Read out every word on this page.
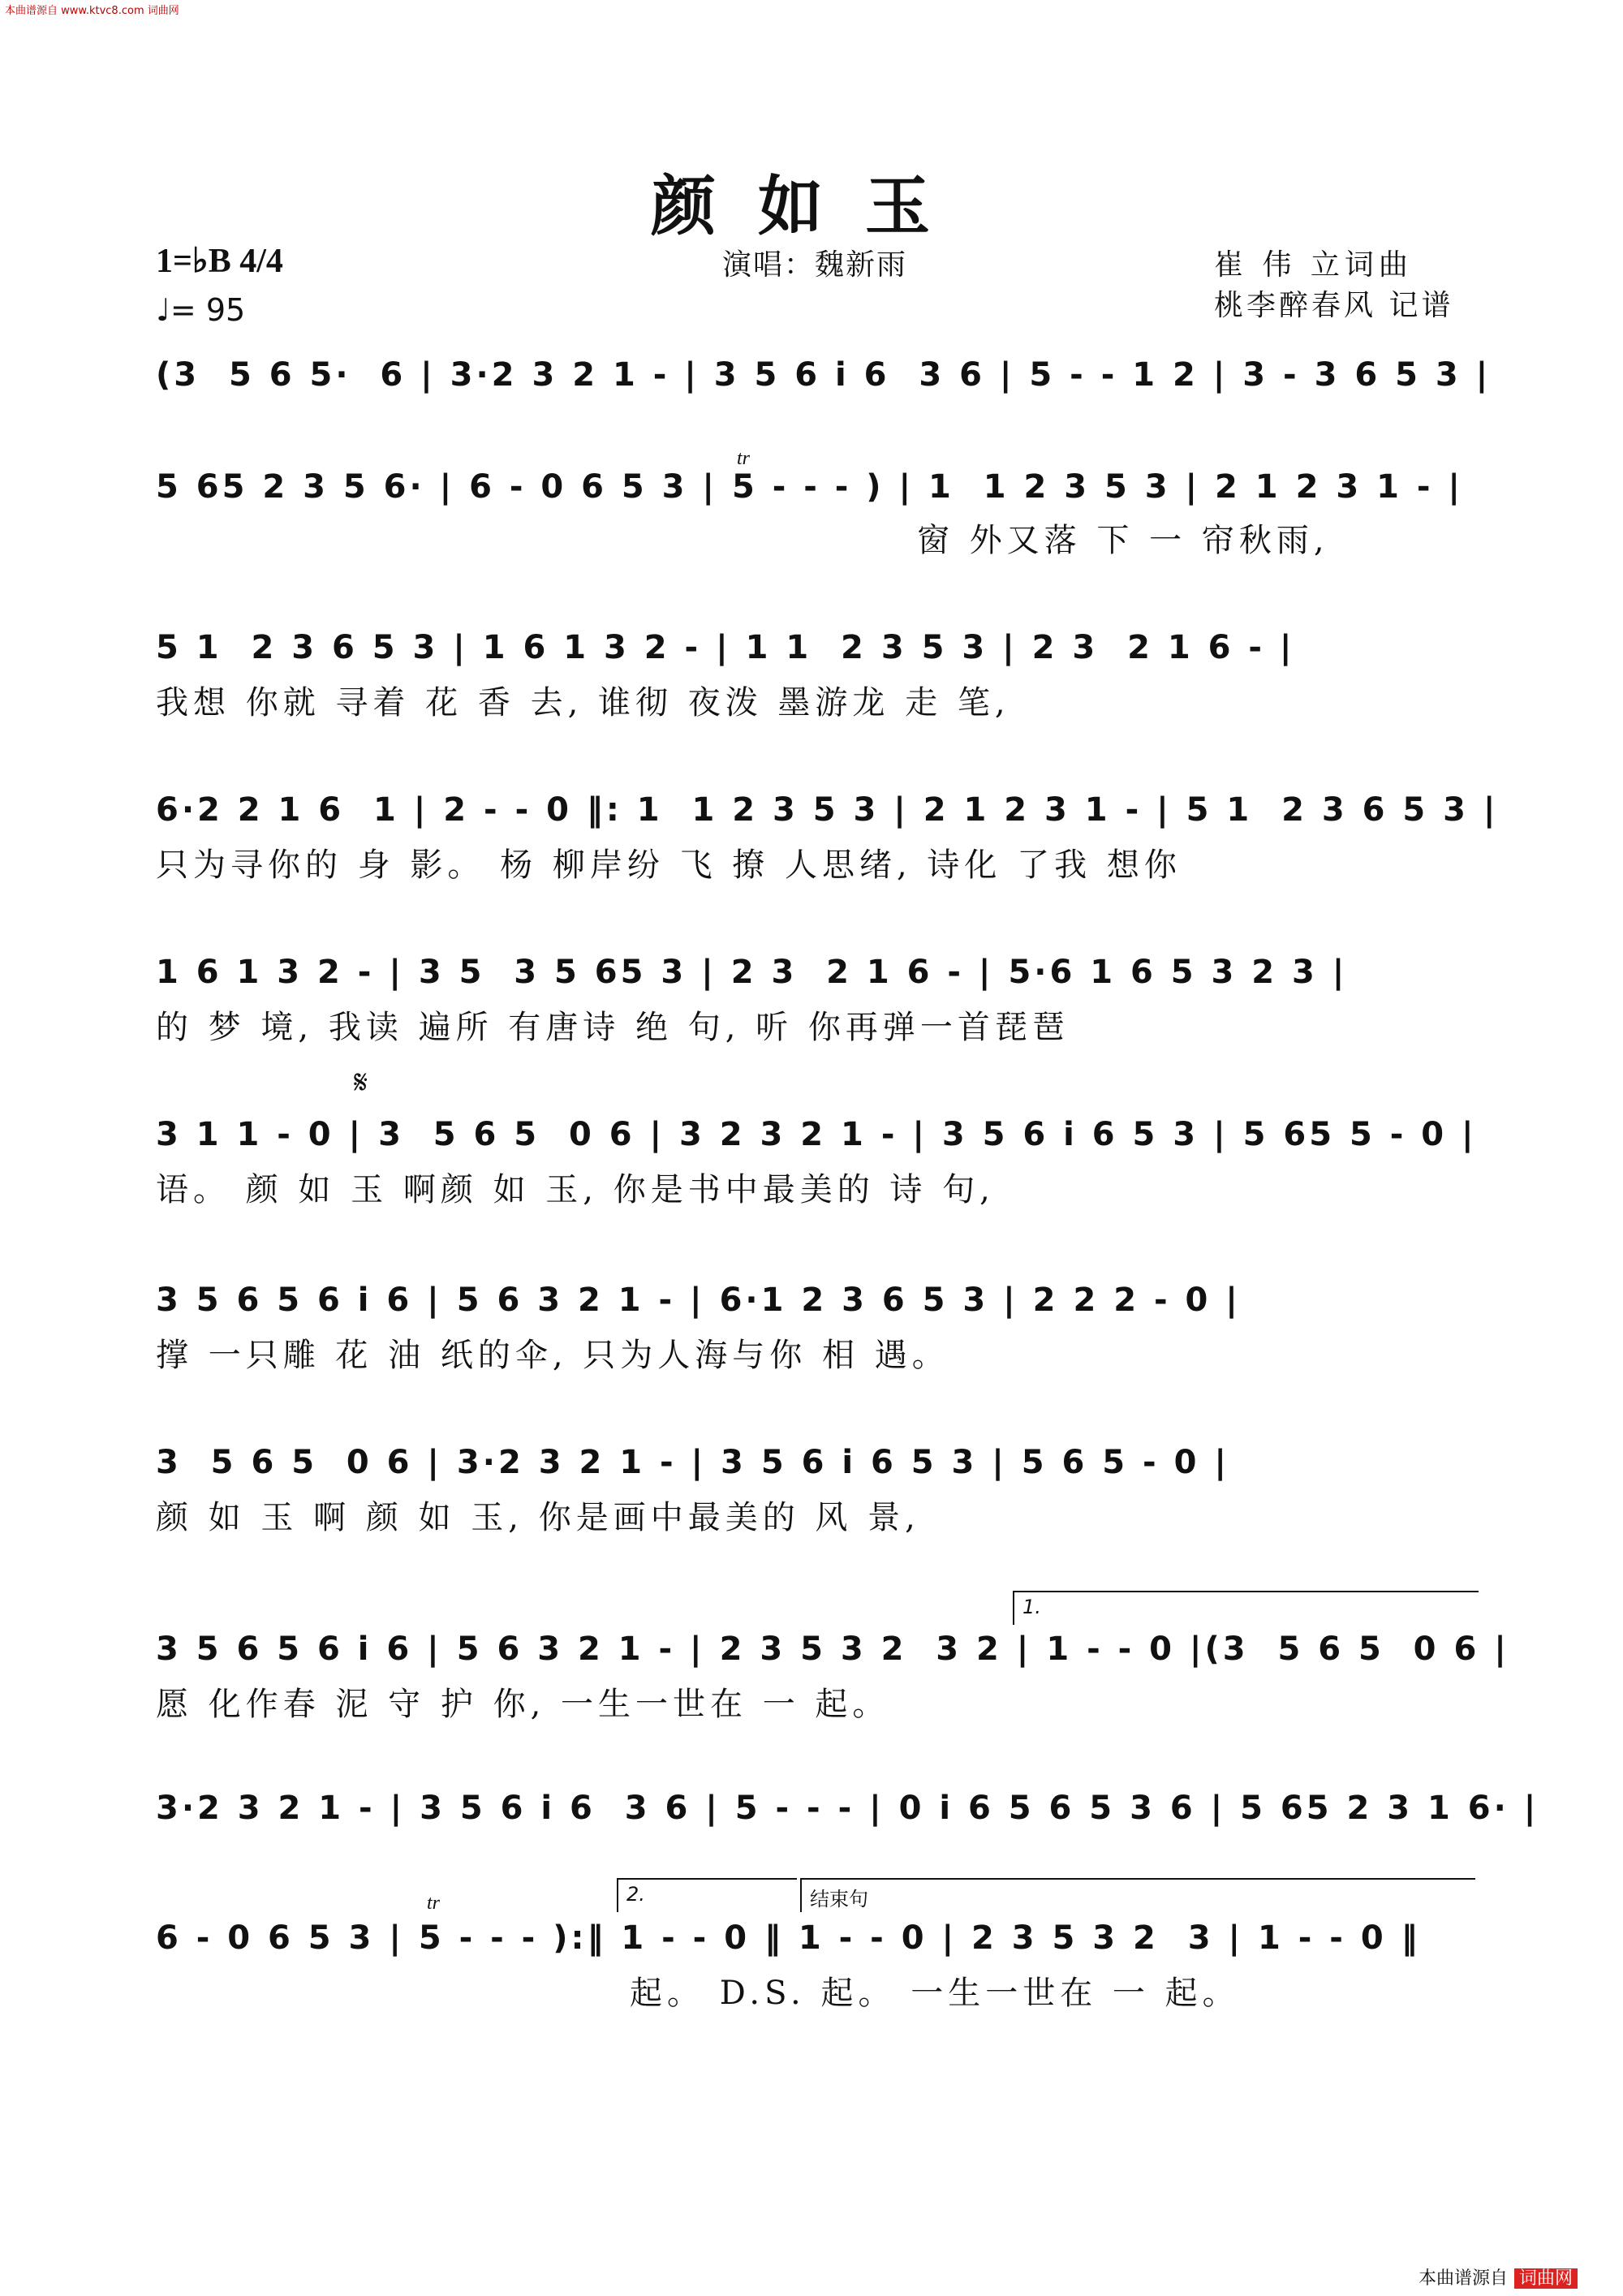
本曲谱源自 www.ktvc8.com 词曲网
颜如玉
1=♭B 4/4
♩= 95
演唱：魏新雨	崔 伟 立词曲
桃李醉春风 记谱
(3  5 6 5·  6 | 3·2 3 2 1 - | 3 5 6 i 6  3 6 | 5 - - 1 2 | 3 - 3 6 5 3 |
tr
5 65 2 3 5 6· | 6 - 0 6 5 3 | 5 - - - ) | 1  1 2 3 5 3 | 2 1 2 3 1 - |
窗 外又落 下 一 帘秋雨,
5 1  2 3 6 5 3 | 1 6 1 3 2 - | 1 1  2 3 5 3 | 2 3  2 1 6 - |
我想 你就 寻着 花 香 去, 谁彻 夜泼 墨游龙 走 笔,
6·2 2 1 6  1 | 2 - - 0 ‖: 1  1 2 3 5 3 | 2 1 2 3 1 - | 5 1  2 3 6 5 3 |
只为寻你的 身 影。 杨 柳岸纷 飞 撩 人思绪, 诗化 了我 想你
1 6 1 3 2 - | 3 5  3 5 65 3 | 2 3  2 1 6 - | 5·6 1 6 5 3 2 3 |
的 梦 境, 我读 遍所 有唐诗 绝 句, 听 你再弹一首琵琶
𝄋
3 1 1 - 0 | 3  5 6 5  0 6 | 3 2 3 2 1 - | 3 5 6 i 6 5 3 | 5 65 5 - 0 |
语。 颜 如 玉 啊颜 如 玉, 你是书中最美的 诗 句,
3 5 6 5 6 i 6 | 5 6 3 2 1 - | 6·1 2 3 6 5 3 | 2 2 2 - 0 |
撑 一只雕 花 油 纸的伞, 只为人海与你 相 遇。
3  5 6 5  0 6 | 3·2 3 2 1 - | 3 5 6 i 6 5 3 | 5 6 5 - 0 |
颜 如 玉 啊 颜 如 玉, 你是画中最美的 风 景,
1.
3 5 6 5 6 i 6 | 5 6 3 2 1 - | 2 3 5 3 2  3 2 | 1 - - 0 |(3  5 6 5  0 6 |
愿 化作春 泥 守 护 你, 一生一世在 一 起。
3·2 3 2 1 - | 3 5 6 i 6  3 6 | 5 - - - | 0 i 6 5 6 5 3 6 | 5 65 2 3 1 6· |
tr	2.	结束句
6 - 0 6 5 3 | 5 - - - ):‖ 1 - - 0 ‖ 1 - - 0 | 2 3 5 3 2  3 | 1 - - 0 ‖
起。 D.S. 起。 一生一世在 一 起。
本曲谱源自 词曲网
